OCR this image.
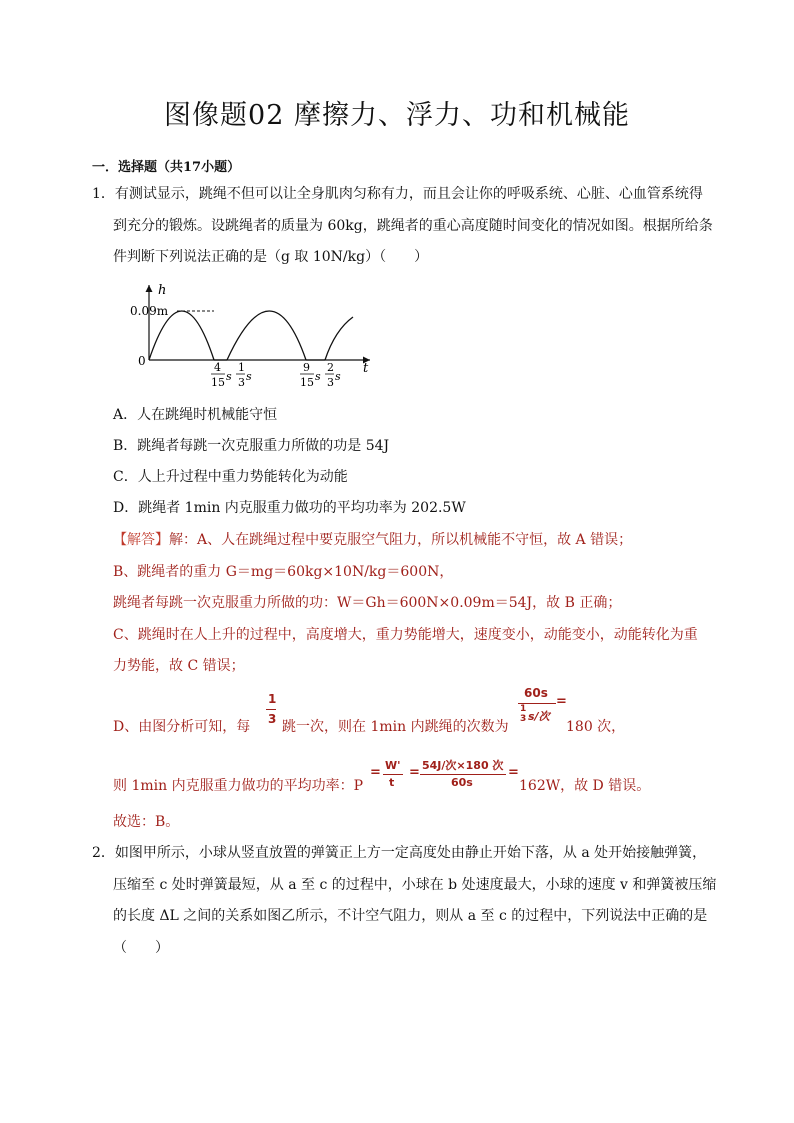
图像题02 摩擦力、浮力、功和机械能
一．选择题（共17小题）
1．有测试显示，跳绳不但可以让全身肌肉匀称有力，而且会让你的呼吸系统、心脏、心血管系统得
到充分的锻炼。设跳绳者的质量为 60kg，跳绳者的重心高度随时间变化的情况如图。根据所给条
件判断下列说法正确的是（g 取 10N/kg）（　　）
h
t
0.09m
0	4
15 s
1
3 s
9
15 s
2
3 s
A．人在跳绳时机械能守恒
B．跳绳者每跳一次克服重力所做的功是 54J
C．人上升过程中重力势能转化为动能
D．跳绳者 1min 内克服重力做功的平均功率为 202.5W
【解答】解：A、人在跳绳过程中要克服空气阻力，所以机械能不守恒，故 A 错误；
B、跳绳者的重力 G＝mg＝60kg×10N/kg＝600N，
跳绳者每跳一次克服重力所做的功：W＝Gh＝600N×0.09m＝54J，故 B 正确；
C、跳绳时在人上升的过程中，高度增大，重力势能增大，速度变小，动能变小，动能转化为重
力势能，故 C 错误；
D、由图分析可知，每
1
3 跳一次，则在 1min 内跳绳的次数为
60s
1
3 s/次
=
180 次，
则 1min 内克服重力做功的平均功率：P
= W'
t
= 54J/次×180 次
60s
=
162W，故 D 错误。
故选：B。
2．如图甲所示，小球从竖直放置的弹簧正上方一定高度处由静止开始下落，从 a 处开始接触弹簧，
压缩至 c 处时弹簧最短，从 a 至 c 的过程中，小球在 b 处速度最大，小球的速度 v 和弹簧被压缩
的长度 ΔL 之间的关系如图乙所示，不计空气阻力，则从 a 至 c 的过程中，下列说法中正确的是
（　　）
